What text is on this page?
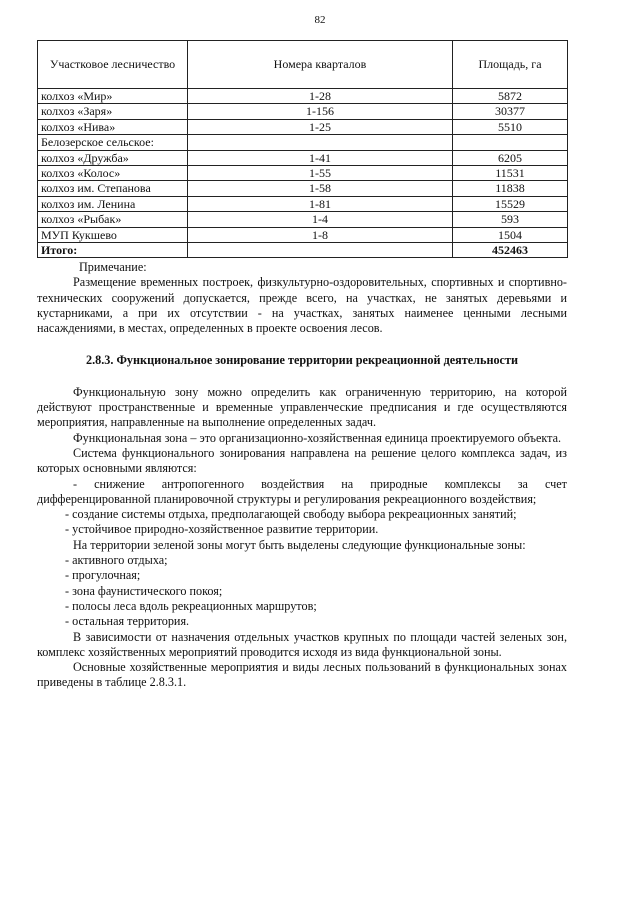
82
Участковое лесничество	Номера кварталов	Площадь, га
колхоз «Мир»	1-28	5872
колхоз «Заря»	1-156	30377
колхоз «Нива»	1-25	5510
Белозерское сельское:		
колхоз «Дружба»	1-41	6205
колхоз «Колос»	1-55	11531
колхоз им. Степанова	1-58	11838
колхоз им. Ленина	1-81	15529
колхоз «Рыбак»	1-4	593
МУП Кукшево	1-8	1504
Итого:		452463

Примечание:

Размещение временных построек, физкультурно-оздоровительных, спортивных и спортивно-технических сооружений допускается, прежде всего, на участках, не занятых деревьями и кустарниками, а при их отсутствии - на участках, занятых наименее ценными лесными насаждениями, в местах, определенных в проекте освоения лесов.

2.8.3. Функциональное зонирование территории рекреационной деятельности

Функциональную зону можно определить как ограниченную территорию, на которой действуют пространственные и временные управленческие предписания и где осуществляются мероприятия, направленные на выполнение определенных задач.

Функциональная зона – это организационно-хозяйственная единица проектируемого объекта.

Система функционального зонирования направлена на решение целого комплекса задач, из которых основными являются:

- снижение антропогенного воздействия на природные комплексы за счет дифференцированной планировочной структуры и регулирования рекреационного воздействия;

- создание системы отдыха, предполагающей свободу выбора рекреационных занятий;

- устойчивое природно-хозяйственное развитие территории.

На территории зеленой зоны могут быть выделены следующие функциональные зоны:

- активного отдыха;

- прогулочная;

- зона фаунистического покоя;

- полосы леса вдоль рекреационных маршрутов;

- остальная территория.

В зависимости от назначения отдельных участков крупных по площади частей зеленых зон, комплекс хозяйственных мероприятий проводится исходя из вида функциональной зоны.

Основные хозяйственные мероприятия и виды лесных пользований в функциональных зонах приведены в таблице 2.8.3.1.
